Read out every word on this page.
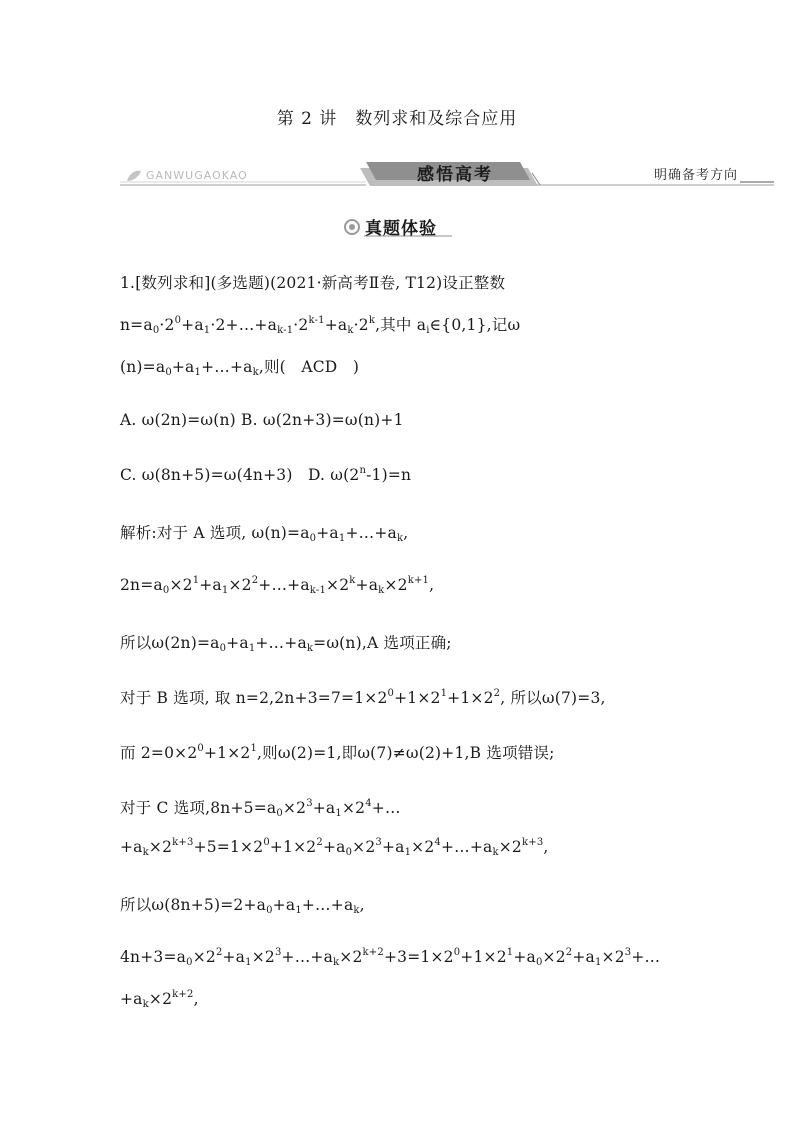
第 2 讲 数列求和及综合应用
GANWUGAOKAO	感悟高考	明确备考方向
真题体验
1.[数列求和](多选题)(2021·新高考Ⅱ卷, T12)设正整数
$n=a_0\cdot 2^0+a_1\cdot 2+\dots+a_{k-1}\cdot 2^{k-1}+a_k\cdot 2^k$,其中 $a_i\in\{0,1\}$,记ω
$(n)=a_0+a_1+\dots+a_k$,则(   ACD )
A. ω(2n)=ω(n) B. ω(2n+3)=ω(n)+1
C. ω(8n+5)=ω(4n+3)   D. $\omega(2^n-1)=n$
解析:对于 A 选项, $\omega(n)=a_0+a_1+\dots+a_k$,
$2n=a_0\times 2^1+a_1\times 2^2+\dots+a_{k-1}\times 2^k+a_k\times 2^{k+1}$,
所以$\omega(2n)=a_0+a_1+\dots+a_k=\omega(n),A$ 选项正确;
对于 B 选项, 取 $n=2,2n+3=7=1\times 2^0+1\times 2^1+1\times 2^2$, 所以ω(7)=3,
而 $2=0\times 2^0+1\times 2^1$,则ω(2)=1,即ω(7)≠ω(2)+1,B 选项错误;
对于 C 选项$,8n+5=a_0\times 2^3+a_1\times 2^4+\dots$
$+a_k\times 2^{k+3}+5=1\times 2^0+1\times 2^2+a_0\times 2^3+a_1\times 2^4+\dots+a_k\times 2^{k+3}$,
所以$\omega(8n+5)=2+a_0+a_1+\dots+a_k$,
$4n+3=a_0\times 2^2+a_1\times 2^3+\dots+a_k\times 2^{k+2}+3=1\times 2^0+1\times 2^1+a_0\times 2^2+a_1\times 2^3+\dots$
$+a_k\times 2^{k+2}$,
